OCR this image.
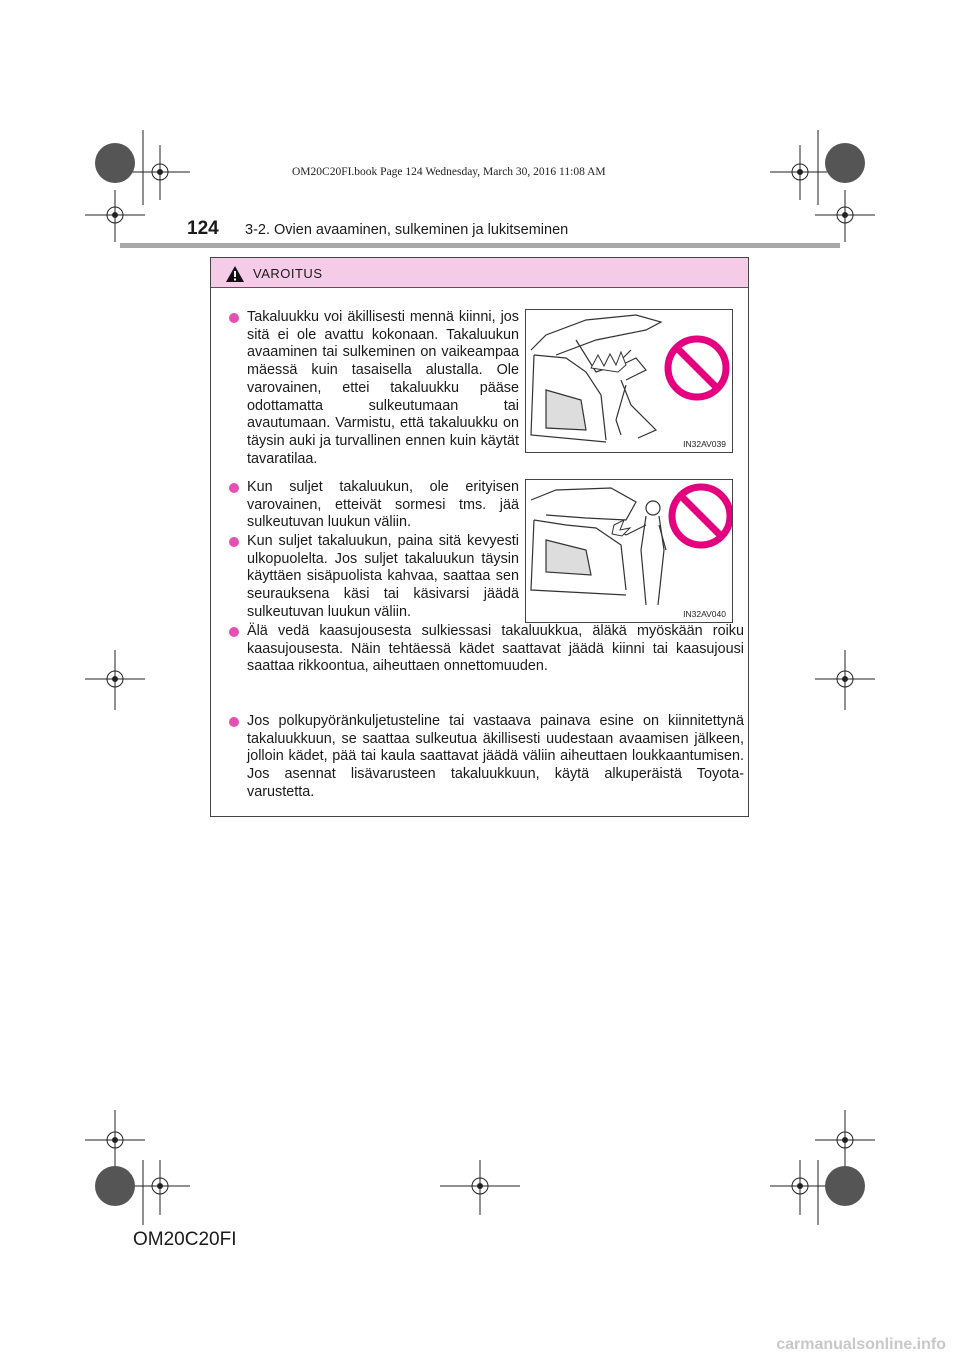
OM20C20FI.book Page 124 Wednesday, March 30, 2016 11:08 AM
124 3-2. Ovien avaaminen, sulkeminen ja lukitseminen
VAROITUS
Takaluukku voi äkillisesti mennä kiinni, jos sitä ei ole avattu kokonaan. Takaluukun avaaminen tai sulkeminen on vaikeampaa mäessä kuin tasaisella alustalla. Ole varovainen, ettei takaluukku pääse odottamatta sulkeutumaan tai avautumaan. Varmistu, että takaluukku on täysin auki ja turvallinen ennen kuin käytät tavaratilaa.
Kun suljet takaluukun, ole erityisen varovainen, etteivät sormesi tms. jää sulkeutuvan luukun väliin.
Kun suljet takaluukun, paina sitä kevyesti ulkopuolelta. Jos suljet takaluukun täysin käyttäen sisäpuolista kahvaa, saattaa sen seurauksena käsi tai käsivarsi jäädä sulkeutuvan luukun väliin.
Älä vedä kaasujousesta sulkiessasi takaluukkua, äläkä myöskään roiku kaasujousesta. Näin tehtäessä kädet saattavat jäädä kiinni tai kaasujousi saattaa rikkoontua, aiheuttaen onnettomuuden.
Jos polkupyöränkuljetusteline tai vastaava painava esine on kiinnitettynä takaluukkuun, se saattaa sulkeutua äkillisesti uudestaan avaamisen jälkeen, jolloin kädet, pää tai kaula saattavat jäädä väliin aiheuttaen loukkaantumisen. Jos asennat lisävarusteen takaluukkuun, käytä alkuperäistä Toyota-varustetta.
IN32AV039
IN32AV040
OM20C20FI
carmanualsonline.info
